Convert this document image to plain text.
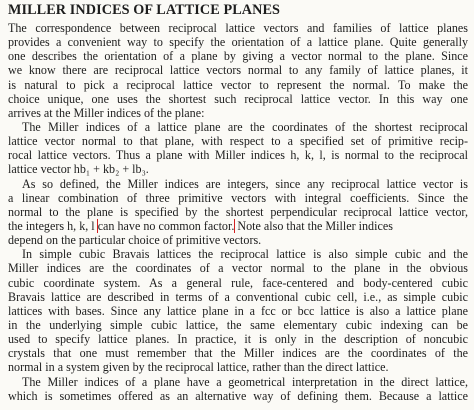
MILLER INDICES OF LATTICE PLANES
The correspondence between reciprocal lattice vectors and families of lattice planes
provides a convenient way to specify the orientation of a lattice plane. Quite generally
one describes the orientation of a plane by giving a vector normal to the plane. Since
we know there are reciprocal lattice vectors normal to any family of lattice planes, it
is natural to pick a reciprocal lattice vector to represent the normal. To make the
choice unique, one uses the shortest such reciprocal lattice vector. In this way one
arrives at the Miller indices of the plane:
The Miller indices of a lattice plane are the coordinates of the shortest reciprocal
lattice vector normal to that plane, with respect to a specified set of primitive recip-
rocal lattice vectors. Thus a plane with Miller indices h, k, l, is normal to the reciprocal
lattice vector hb₁ + kb₂ + lb₃.
As so defined, the Miller indices are integers, since any reciprocal lattice vector is
a linear combination of three primitive vectors with integral coefficients. Since the
normal to the plane is specified by the shortest perpendicular reciprocal lattice vector,
the integers h, k, l can have no common factor. Note also that the Miller indices
depend on the particular choice of primitive vectors.
In simple cubic Bravais lattices the reciprocal lattice is also simple cubic and the
Miller indices are the coordinates of a vector normal to the plane in the obvious
cubic coordinate system. As a general rule, face-centered and body-centered cubic
Bravais lattice are described in terms of a conventional cubic cell, i.e., as simple cubic
lattices with bases. Since any lattice plane in a fcc or bcc lattice is also a lattice plane
in the underlying simple cubic lattice, the same elementary cubic indexing can be
used to specify lattice planes. In practice, it is only in the description of noncubic
crystals that one must remember that the Miller indices are the coordinates of the
normal in a system given by the reciprocal lattice, rather than the direct lattice.
The Miller indices of a plane have a geometrical interpretation in the direct lattice,
which is sometimes offered as an alternative way of defining them. Because a lattice
